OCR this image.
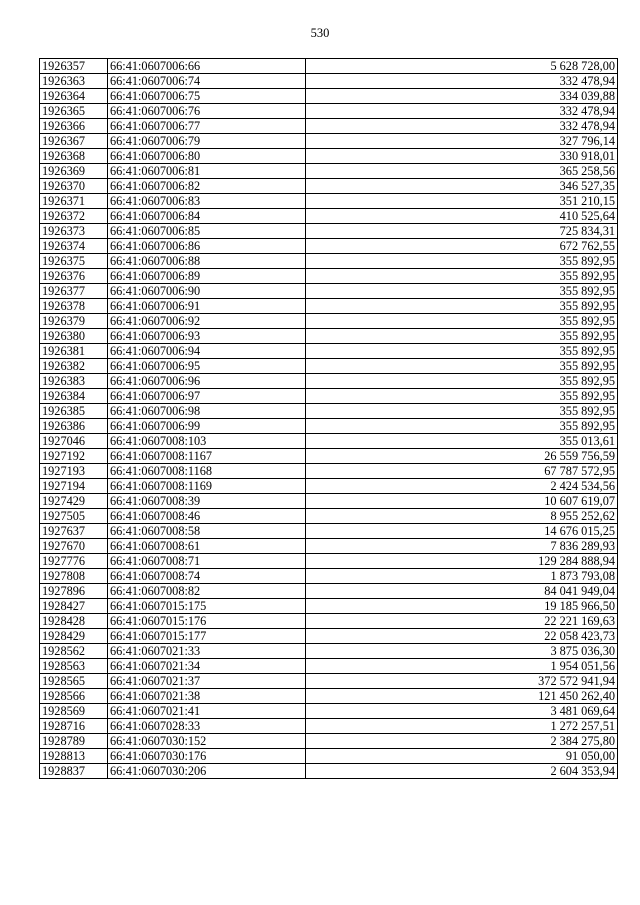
530
1926357	66:41:0607006:66	5 628 728,00
1926363	66:41:0607006:74	332 478,94
1926364	66:41:0607006:75	334 039,88
1926365	66:41:0607006:76	332 478,94
1926366	66:41:0607006:77	332 478,94
1926367	66:41:0607006:79	327 796,14
1926368	66:41:0607006:80	330 918,01
1926369	66:41:0607006:81	365 258,56
1926370	66:41:0607006:82	346 527,35
1926371	66:41:0607006:83	351 210,15
1926372	66:41:0607006:84	410 525,64
1926373	66:41:0607006:85	725 834,31
1926374	66:41:0607006:86	672 762,55
1926375	66:41:0607006:88	355 892,95
1926376	66:41:0607006:89	355 892,95
1926377	66:41:0607006:90	355 892,95
1926378	66:41:0607006:91	355 892,95
1926379	66:41:0607006:92	355 892,95
1926380	66:41:0607006:93	355 892,95
1926381	66:41:0607006:94	355 892,95
1926382	66:41:0607006:95	355 892,95
1926383	66:41:0607006:96	355 892,95
1926384	66:41:0607006:97	355 892,95
1926385	66:41:0607006:98	355 892,95
1926386	66:41:0607006:99	355 892,95
1927046	66:41:0607008:103	355 013,61
1927192	66:41:0607008:1167	26 559 756,59
1927193	66:41:0607008:1168	67 787 572,95
1927194	66:41:0607008:1169	2 424 534,56
1927429	66:41:0607008:39	10 607 619,07
1927505	66:41:0607008:46	8 955 252,62
1927637	66:41:0607008:58	14 676 015,25
1927670	66:41:0607008:61	7 836 289,93
1927776	66:41:0607008:71	129 284 888,94
1927808	66:41:0607008:74	1 873 793,08
1927896	66:41:0607008:82	84 041 949,04
1928427	66:41:0607015:175	19 185 966,50
1928428	66:41:0607015:176	22 221 169,63
1928429	66:41:0607015:177	22 058 423,73
1928562	66:41:0607021:33	3 875 036,30
1928563	66:41:0607021:34	1 954 051,56
1928565	66:41:0607021:37	372 572 941,94
1928566	66:41:0607021:38	121 450 262,40
1928569	66:41:0607021:41	3 481 069,64
1928716	66:41:0607028:33	1 272 257,51
1928789	66:41:0607030:152	2 384 275,80
1928813	66:41:0607030:176	91 050,00
1928837	66:41:0607030:206	2 604 353,94
